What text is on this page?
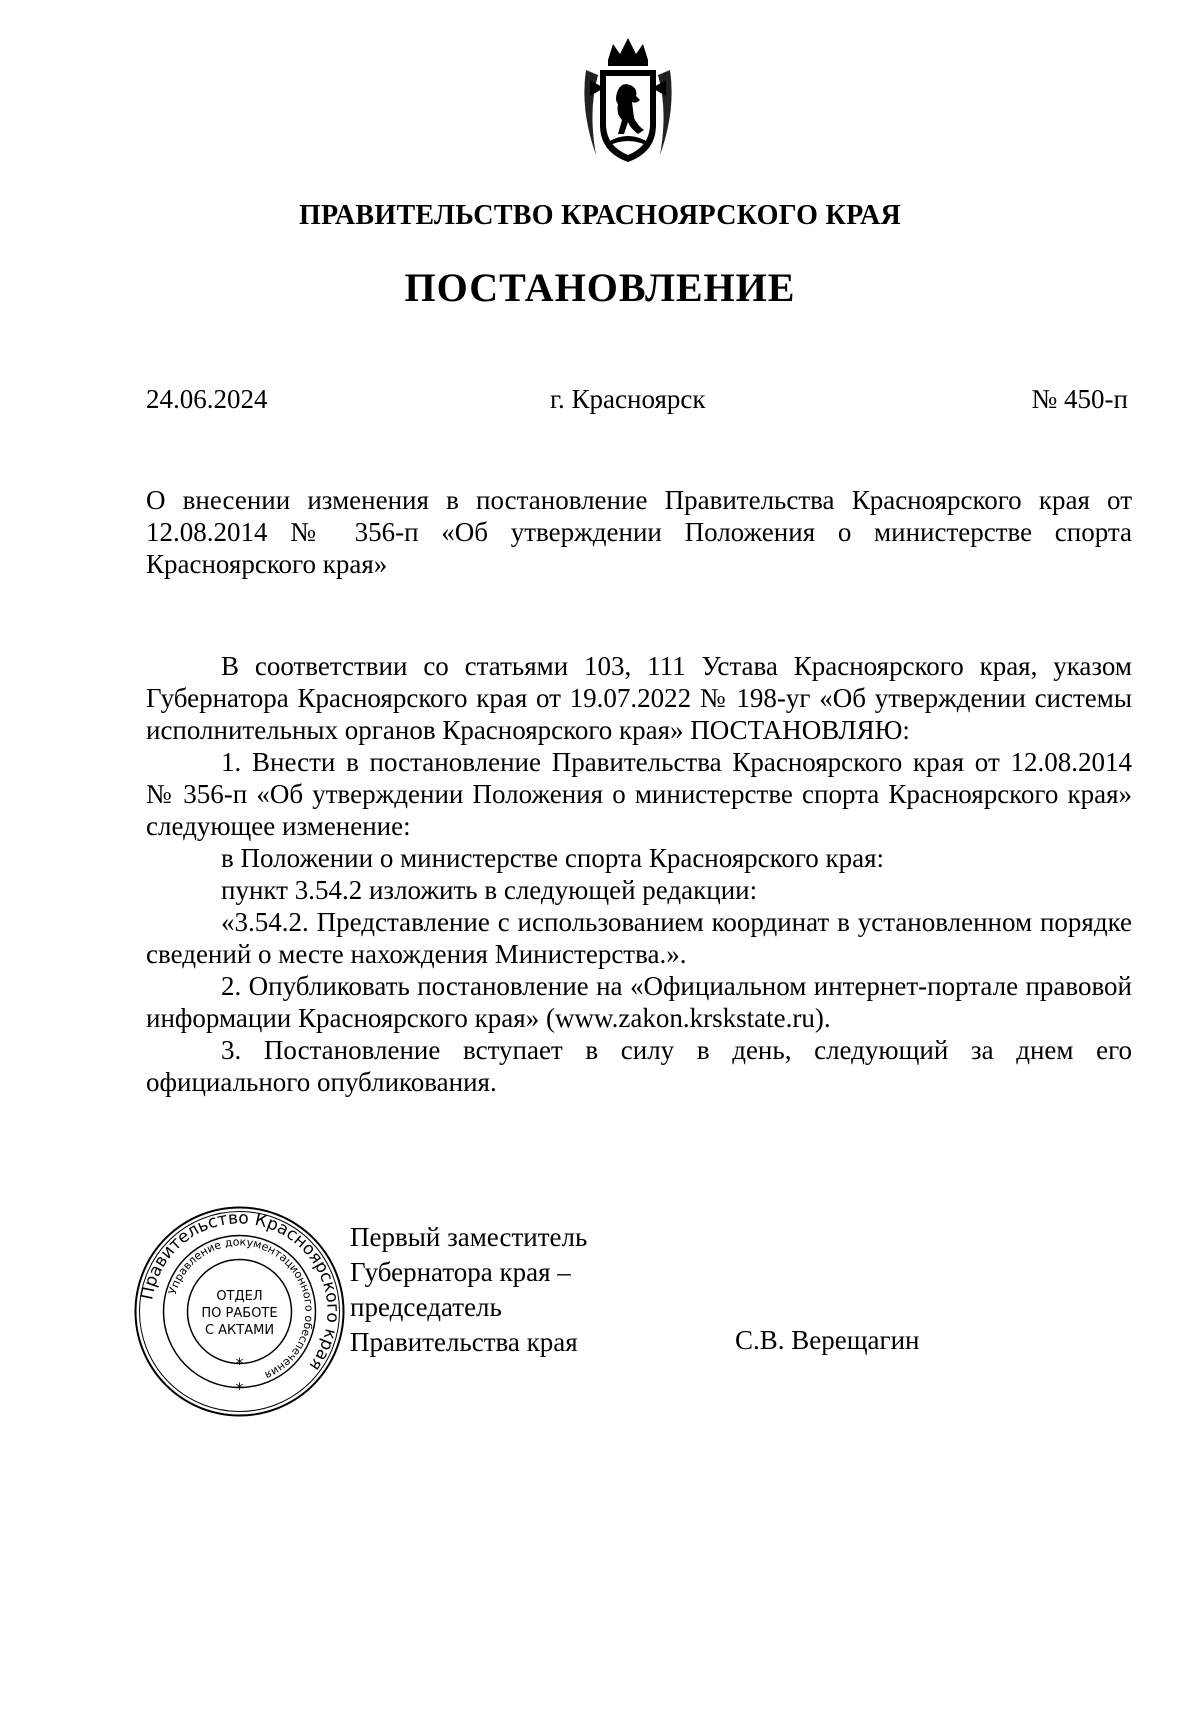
ПРАВИТЕЛЬСТВО КРАСНОЯРСКОГО КРАЯ
ПОСТАНОВЛЕНИЕ
24.06.2024	г. Красноярск	№ 450-п

О внесении изменения в постановление Правительства Красноярского края от 12.08.2014 № 356-п «Об утверждении Положения о министерстве спорта Красноярского края»

В соответствии со статьями 103, 111 Устава Красноярского края, указом Губернатора Красноярского края от 19.07.2022 № 198-уг «Об утверждении системы исполнительных органов Красноярского края» ПОСТАНОВЛЯЮ:

1. Внести в постановление Правительства Красноярского края от 12.08.2014 № 356-п «Об утверждении Положения о министерстве спорта Красноярского края» следующее изменение:

в Положении о министерстве спорта Красноярского края:

пункт 3.54.2 изложить в следующей редакции:

«3.54.2. Представление с использованием координат в установленном порядке сведений о месте нахождения Министерства.».

2. Опубликовать постановление на «Официальном интернет-портале правовой информации Красноярского края» (www.zakon.krskstate.ru).

3. Постановление вступает в силу в день, следующий за днем его официального опубликования.

Правительство Красноярского края
Управление документационного обеспечения
ОТДЕЛ
ПО РАБОТЕ
С АКТАМИ
*
*
Первый заместитель
Губернатора края –
председатель
Правительства края	С.В. Верещагин
